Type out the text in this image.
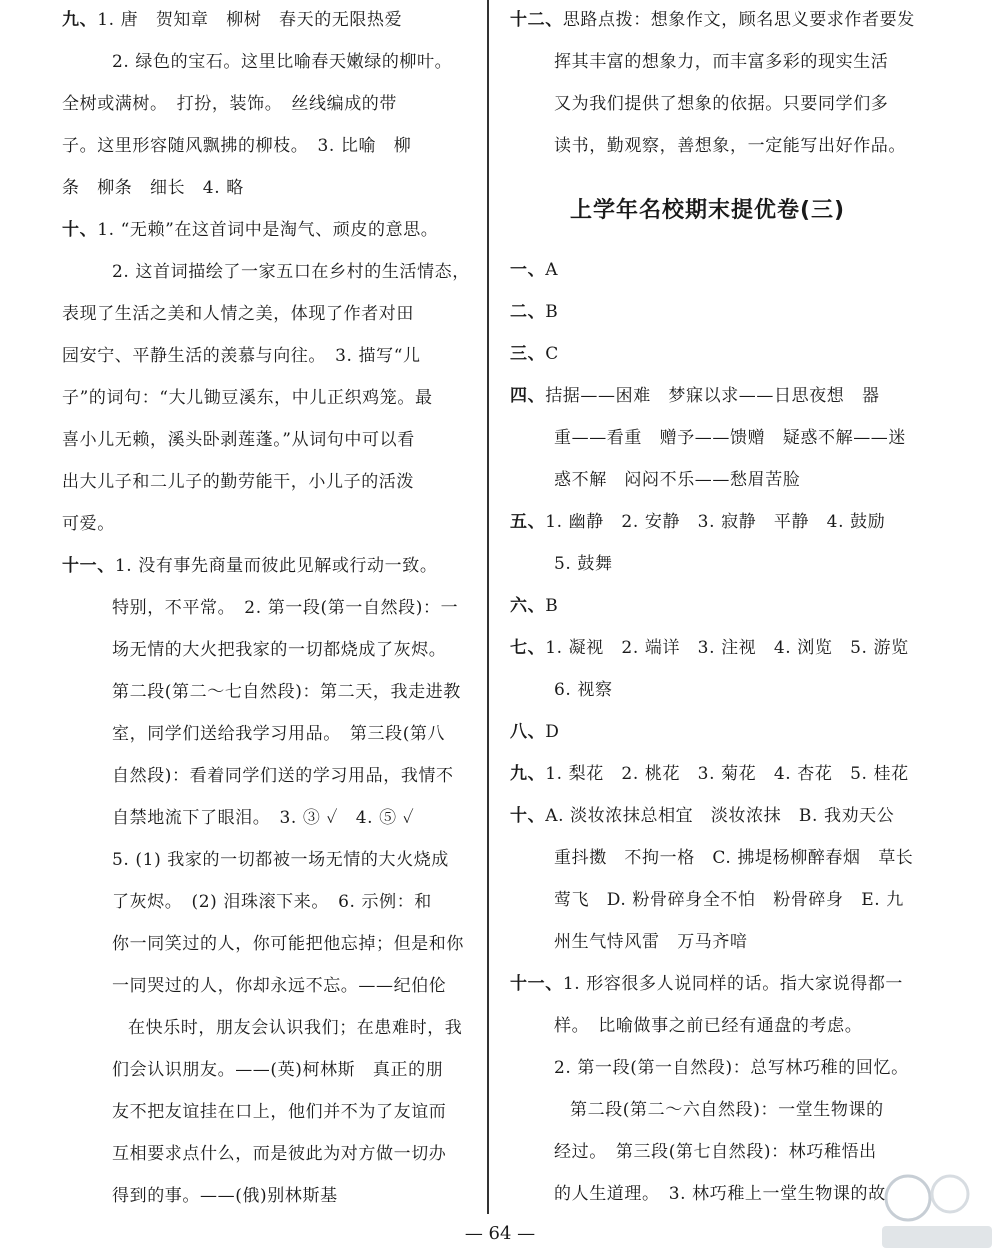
九、1. 唐　贺知章　柳树　春天的无限热爱
2. 绿色的宝石。这里比喻春天嫩绿的柳叶。
全树或满树。　打扮，装饰。　丝线编成的带
子。这里形容随风飘拂的柳枝。　3. 比喻　柳
条　柳条　细长　4. 略
十、1. “无赖”在这首词中是淘气、顽皮的意思。
2. 这首词描绘了一家五口在乡村的生活情态，
表现了生活之美和人情之美，体现了作者对田
园安宁、平静生活的羡慕与向往。　3. 描写“儿
子”的词句：“大儿锄豆溪东，中儿正织鸡笼。最
喜小儿无赖，溪头卧剥莲蓬。”从词句中可以看
出大儿子和二儿子的勤劳能干，小儿子的活泼
可爱。
十一、1. 没有事先商量而彼此见解或行动一致。
特别，不平常。　2. 第一段(第一自然段)：一
场无情的大火把我家的一切都烧成了灰烬。
第二段(第二～七自然段)：第二天，我走进教
室，同学们送给我学习用品。　第三段(第八
自然段)：看着同学们送的学习用品，我情不
自禁地流下了眼泪。　3. ③ ✓　4. ⑤ ✓
5. (1) 我家的一切都被一场无情的大火烧成
了灰烬。　(2) 泪珠滚下来。　6. 示例：和
你一同笑过的人，你可能把他忘掉；但是和你
一同哭过的人，你却永远不忘。——纪伯伦
在快乐时，朋友会认识我们；在患难时，我
们会认识朋友。——(英)柯林斯　真正的朋
友不把友谊挂在口上，他们并不为了友谊而
互相要求点什么，而是彼此为对方做一切办
得到的事。——(俄)别林斯基
十二、思路点拨：想象作文，顾名思义要求作者要发
挥其丰富的想象力，而丰富多彩的现实生活
又为我们提供了想象的依据。只要同学们多
读书，勤观察，善想象，一定能写出好作品。
上学年名校期末提优卷(三)
一、A
二、B
三、C
四、拮据——困难　梦寐以求——日思夜想　器
重——看重　赠予——馈赠　疑惑不解——迷
惑不解　闷闷不乐——愁眉苦脸
五、1. 幽静　2. 安静　3. 寂静　平静　4. 鼓励
5. 鼓舞
六、B
七、1. 凝视　2. 端详　3. 注视　4. 浏览　5. 游览
6. 视察
八、D
九、1. 梨花　2. 桃花　3. 菊花　4. 杏花　5. 桂花
十、A. 淡妆浓抹总相宜　淡妆浓抹　B. 我劝天公
重抖擞　不拘一格　C. 拂堤杨柳醉春烟　草长
莺飞　D. 粉骨碎身全不怕　粉骨碎身　E. 九
州生气恃风雷　万马齐喑
十一、1. 形容很多人说同样的话。指大家说得都一
样。　比喻做事之前已经有通盘的考虑。
2. 第一段(第一自然段)：总写林巧稚的回忆。
第二段(第二～六自然段)：一堂生物课的
经过。　第三段(第七自然段)：林巧稚悟出
的人生道理。　3. 林巧稚上一堂生物课的故
— 64 —
